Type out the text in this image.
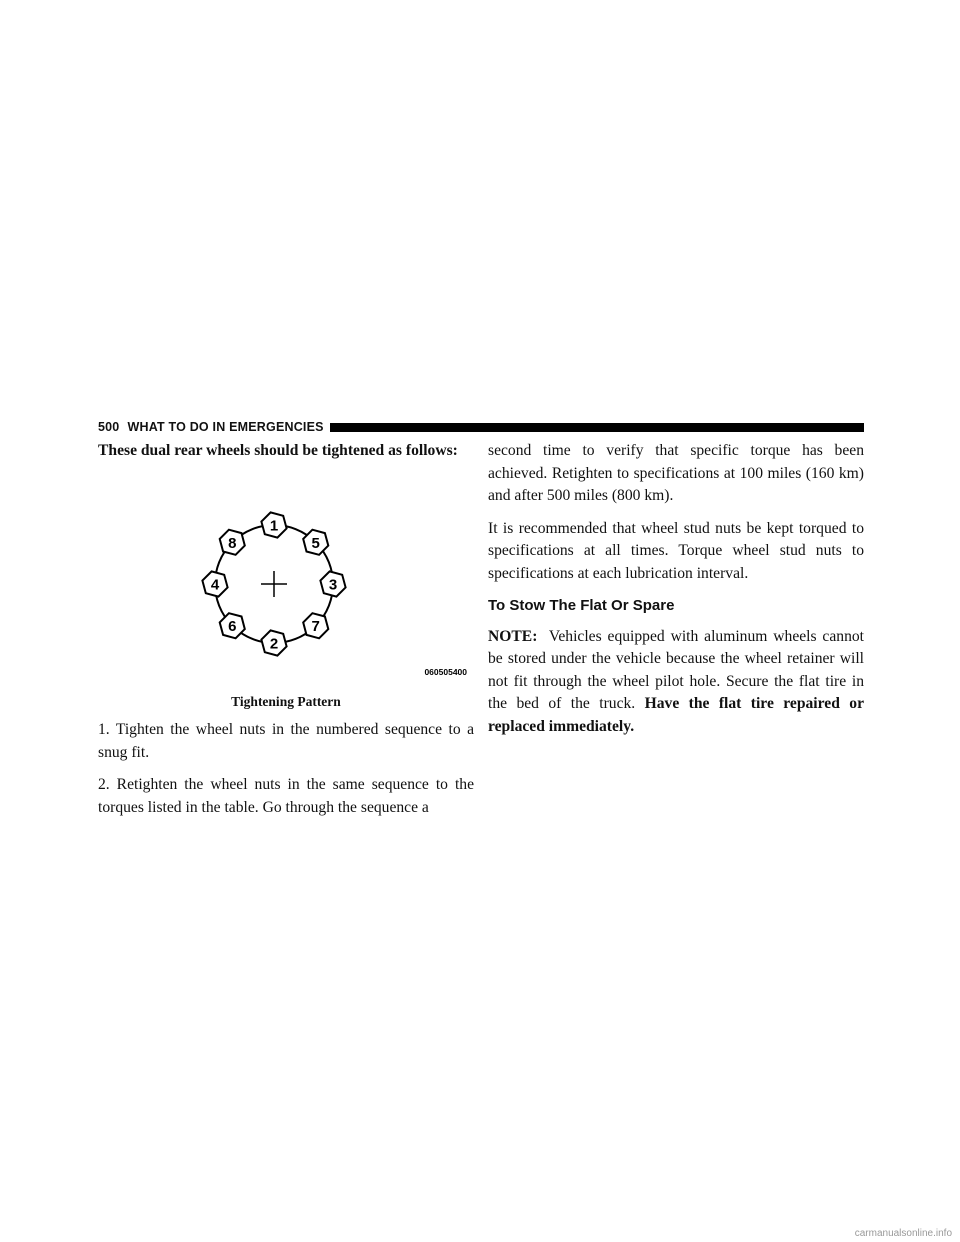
500 WHAT TO DO IN EMERGENCIES

These dual rear wheels should be tightened as follows:

1
5
3
7
2
6
4
8
060505400
Tightening Pattern

1. Tighten the wheel nuts in the numbered sequence to a snug fit.

2. Retighten the wheel nuts in the same sequence to the torques listed in the table. Go through the sequence a

second time to verify that specific torque has been achieved. Retighten to specifications at 100 miles (160 km) and after 500 miles (800 km).

It is recommended that wheel stud nuts be kept torqued to specifications at all times. Torque wheel stud nuts to specifications at each lubrication interval.

To Stow The Flat Or Spare

NOTE: Vehicles equipped with aluminum wheels cannot be stored under the vehicle because the wheel retainer will not fit through the wheel pilot hole. Secure the flat tire in the bed of the truck. Have the flat tire repaired or replaced immediately.

carmanualsonline.info
